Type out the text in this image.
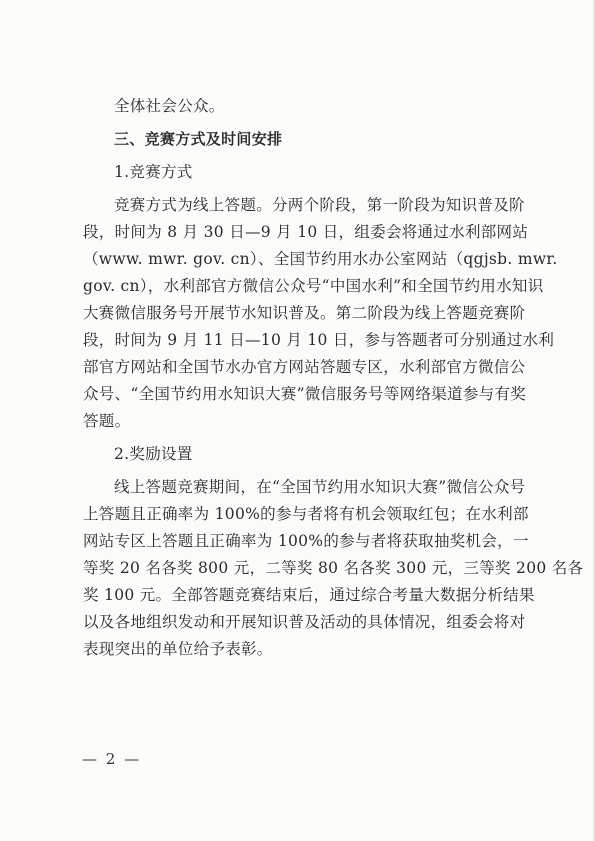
全体社会公众。
三、竞赛方式及时间安排
1.竞赛方式
竞赛方式为线上答题。分两个阶段，第一阶段为知识普及阶
段，时间为 8 月 30 日—9 月 10 日，组委会将通过水利部网站
（www. mwr. gov. cn）、全国节约用水办公室网站（qgjsb. mwr.
gov. cn），水利部官方微信公众号“中国水利”和全国节约用水知识
大赛微信服务号开展节水知识普及。第二阶段为线上答题竞赛阶
段，时间为 9 月 11 日—10 月 10 日，参与答题者可分别通过水利
部官方网站和全国节水办官方网站答题专区，水利部官方微信公
众号、“全国节约用水知识大赛”微信服务号等网络渠道参与有奖
答题。
2.奖励设置
线上答题竞赛期间，在“全国节约用水知识大赛”微信公众号
上答题且正确率为 100%的参与者将有机会领取红包；在水利部
网站专区上答题且正确率为 100%的参与者将获取抽奖机会，一
等奖 20 名各奖 800 元，二等奖 80 名各奖 300 元，三等奖 200 名各
奖 100 元。全部答题竞赛结束后，通过综合考量大数据分析结果
以及各地组织发动和开展知识普及活动的具体情况，组委会将对
表现突出的单位给予表彰。
— 2 —
